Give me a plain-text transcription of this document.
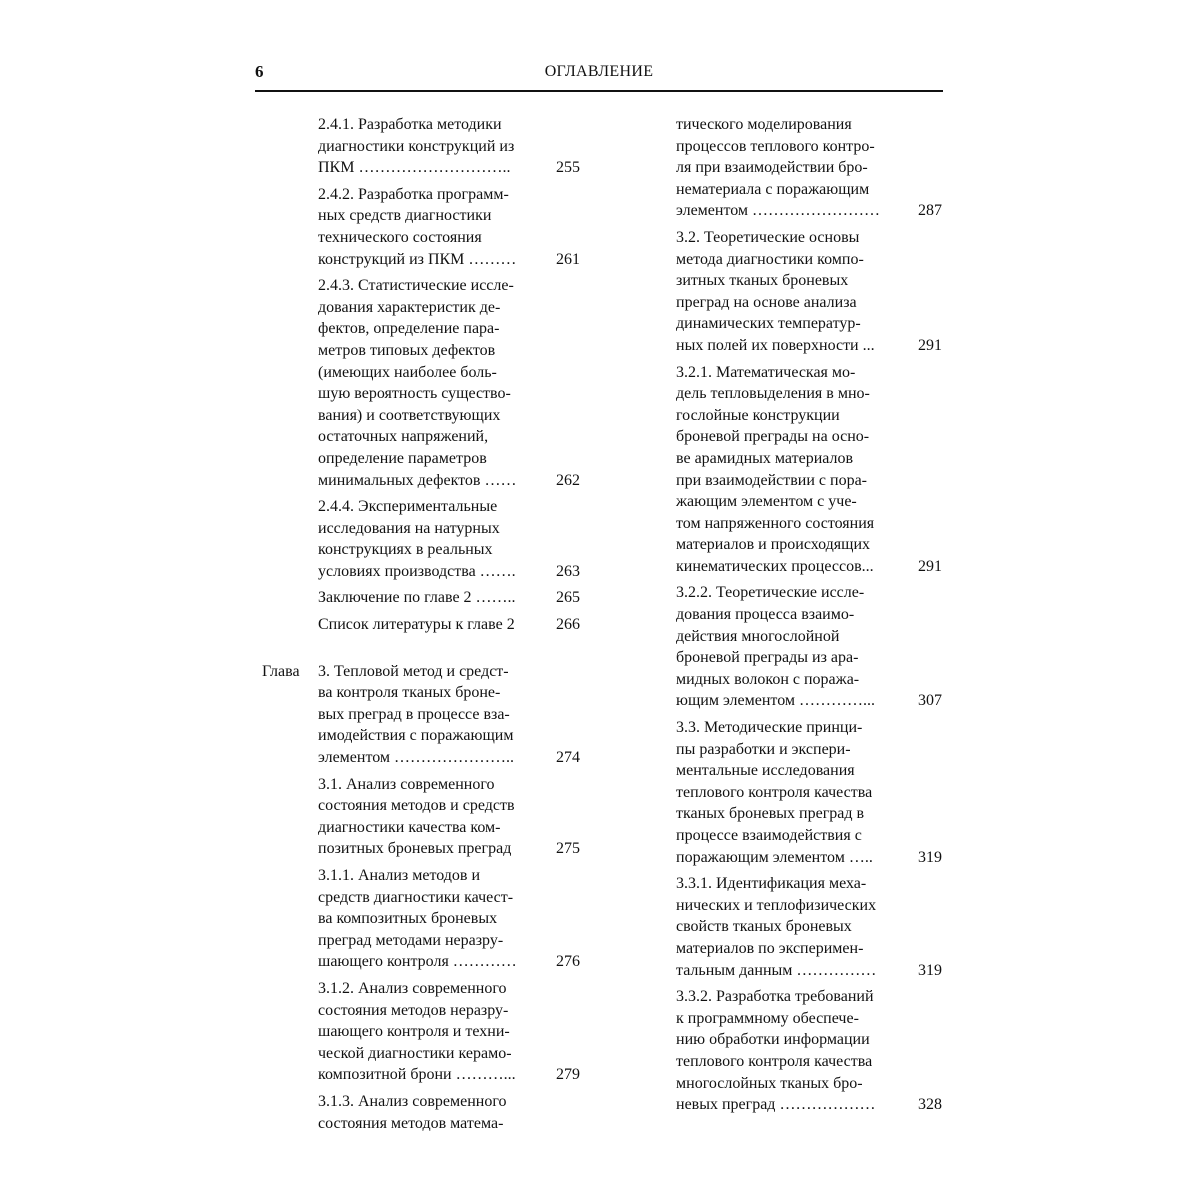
6	ОГЛАВЛЕНИЕ
2.4.1. Разработка методики
диагностики конструкций из
ПКМ ………………………..	255
2.4.2. Разработка программ-
ных средств диагностики
технического состояния
конструкций из ПКМ ………	261
2.4.3. Статистические иссле-
дования характеристик де-
фектов, определение пара-
метров типовых дефектов
(имеющих наиболее боль-
шую вероятность существо-
вания) и соответствующих
остаточных напряжений,
определение параметров
минимальных дефектов ……	262
2.4.4. Экспериментальные
исследования на натурных
конструкциях в реальных
условиях производства …….	263
Заключение по главе 2 ……..	265
Список литературы к главе 2	266
Глава	3. Тепловой метод и средст-
ва контроля тканых броне-
вых преград в процессе вза-
имодействия с поражающим
элементом …………………..	274
3.1. Анализ современного
состояния методов и средств
диагностики качества ком-
позитных броневых преград	275
3.1.1. Анализ методов и
средств диагностики качест-
ва композитных броневых
преград методами неразру-
шающего контроля …………	276
3.1.2. Анализ современного
состояния методов неразру-
шающего контроля и техни-
ческой диагностики керамо-
композитной брони ………...	279
3.1.3. Анализ современного
состояния методов матема-
тического моделирования
процессов теплового контро-
ля при взаимодействии бро-
нематериала с поражающим
элементом ……………………	287
3.2. Теоретические основы
метода диагностики компо-
зитных тканых броневых
преград на основе анализа
динамических температур-
ных полей их поверхности ...	291
3.2.1. Математическая мо-
дель тепловыделения в мно-
гослойные конструкции
броневой преграды на осно-
ве арамидных материалов
при взаимодействии с пора-
жающим элементом с уче-
том напряженного состояния
материалов и происходящих
кинематических процессов...	291
3.2.2. Теоретические иссле-
дования процесса взаимо-
действия многослойной
броневой преграды из ара-
мидных волокон с поража-
ющим элементом …………...	307
3.3. Методические принци-
пы разработки и экспери-
ментальные исследования
теплового контроля качества
тканых броневых преград в
процессе взаимодействия с
поражающим элементом …..	319
3.3.1. Идентификация меха-
нических и теплофизических
свойств тканых броневых
материалов по эксперимен-
тальным данным ……………	319
3.3.2. Разработка требований
к программному обеспече-
нию обработки информации
теплового контроля качества
многослойных тканых бро-
невых преград ………………	328
